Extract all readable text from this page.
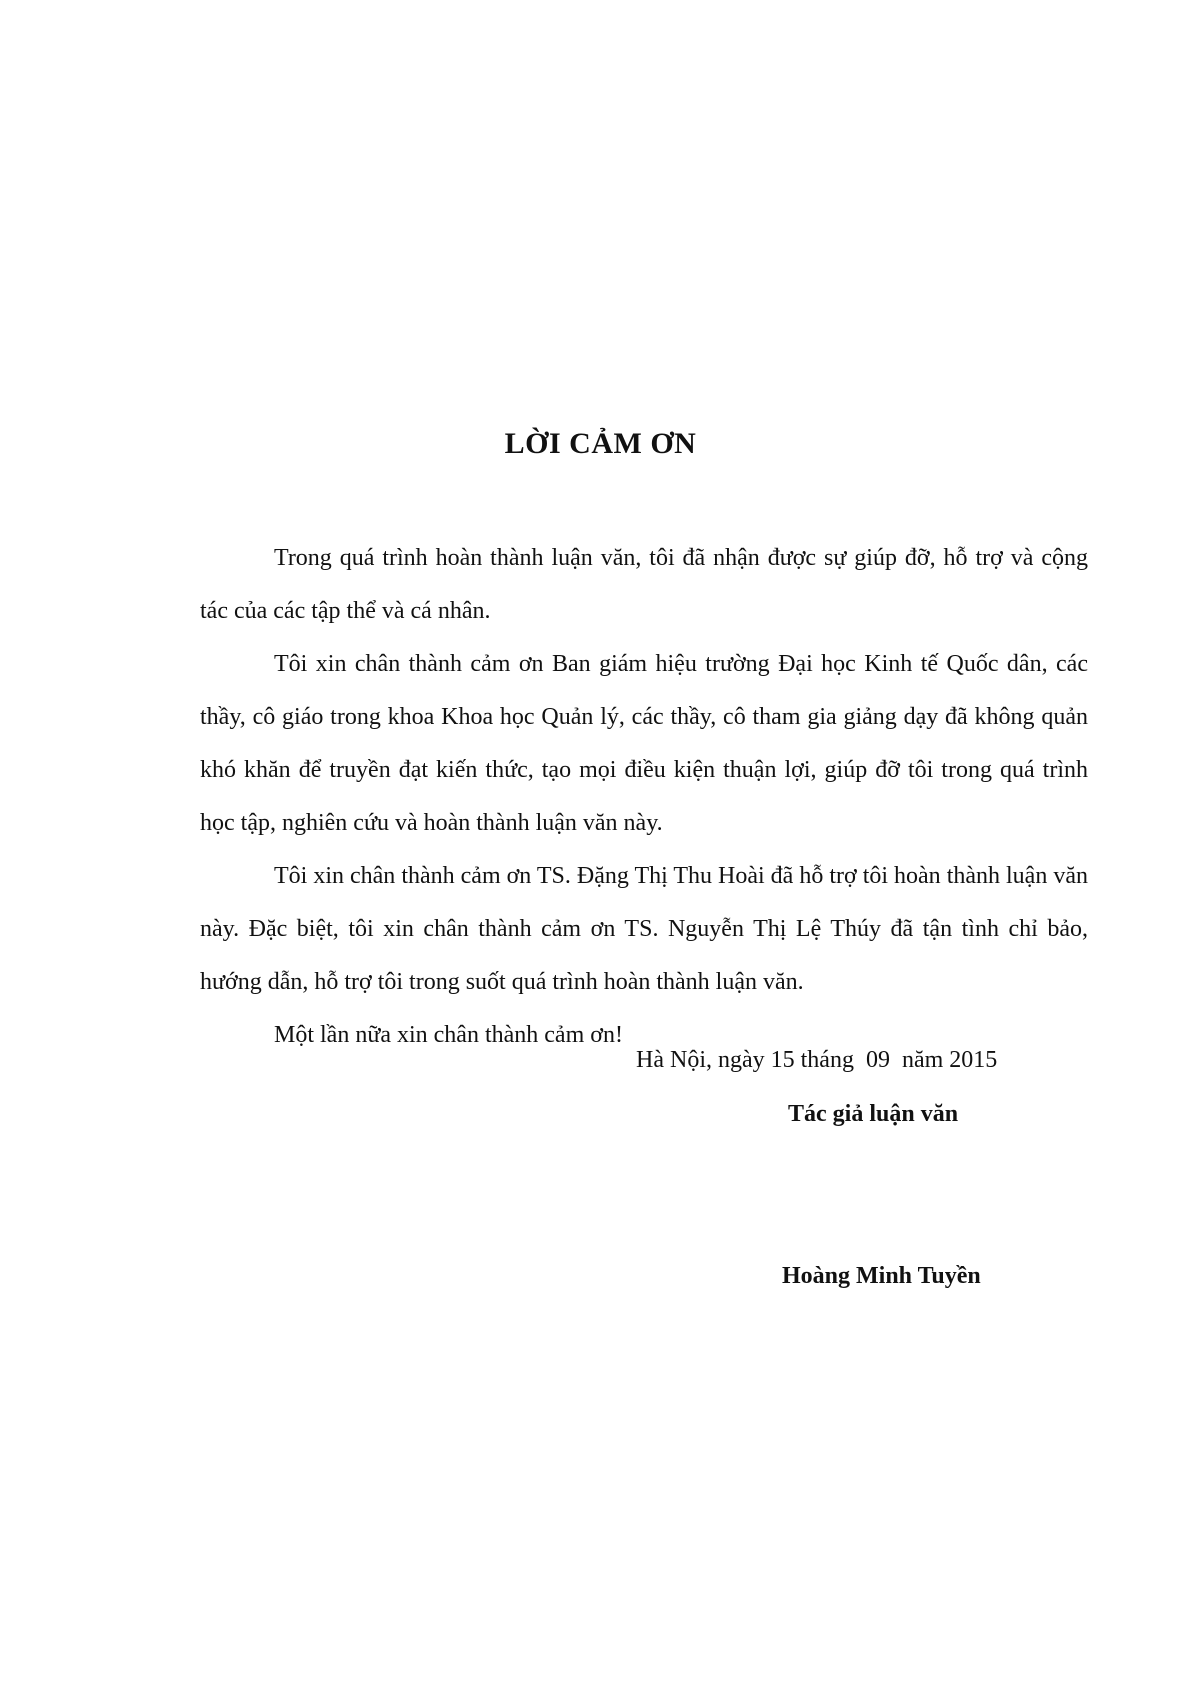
LỜI CẢM ƠN

Trong quá trình hoàn thành luận văn, tôi đã nhận được sự giúp đỡ, hỗ trợ và cộng tác của các tập thể và cá nhân.

Tôi xin chân thành cảm ơn Ban giám hiệu trường Đại học Kinh tế Quốc dân, các thầy, cô giáo trong khoa Khoa học Quản lý, các thầy, cô tham gia giảng dạy đã không quản khó khăn để truyền đạt kiến thức, tạo mọi điều kiện thuận lợi, giúp đỡ tôi trong quá trình học tập, nghiên cứu và hoàn thành luận văn này.

Tôi xin chân thành cảm ơn TS. Đặng Thị Thu Hoài đã hỗ trợ tôi hoàn thành luận văn này. Đặc biệt, tôi xin chân thành cảm ơn TS. Nguyễn Thị Lệ Thúy đã tận tình chỉ bảo, hướng dẫn, hỗ trợ tôi trong suốt quá trình hoàn thành luận văn.

Một lần nữa xin chân thành cảm ơn!

Hà Nội, ngày 15 tháng  09  năm 2015
Tác giả luận văn
Hoàng Minh Tuyền
